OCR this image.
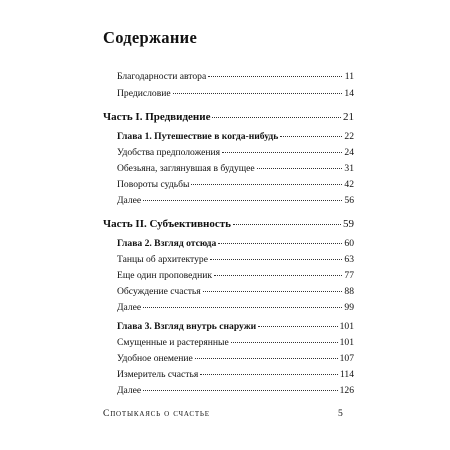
Содержание
Благодарности автора	11
Предисловие	14
Часть I. Предвидение	21
Глава 1. Путешествие в когда-нибудь	22
Удобства предположения	24
Обезьяна, заглянувшая в будущее	31
Повороты судьбы	42
Далее	56
Часть II. Субъективность	59
Глава 2. Взгляд отсюда	60
Танцы об архитектуре	63
Еще один проповедник	77
Обсуждение счастья	88
Далее	99
Глава 3. Взгляд внутрь снаружи	101
Смущенные и растерянные	101
Удобное онемение	107
Измеритель счастья	114
Далее	126
Спотыкаясь о счастье	5
